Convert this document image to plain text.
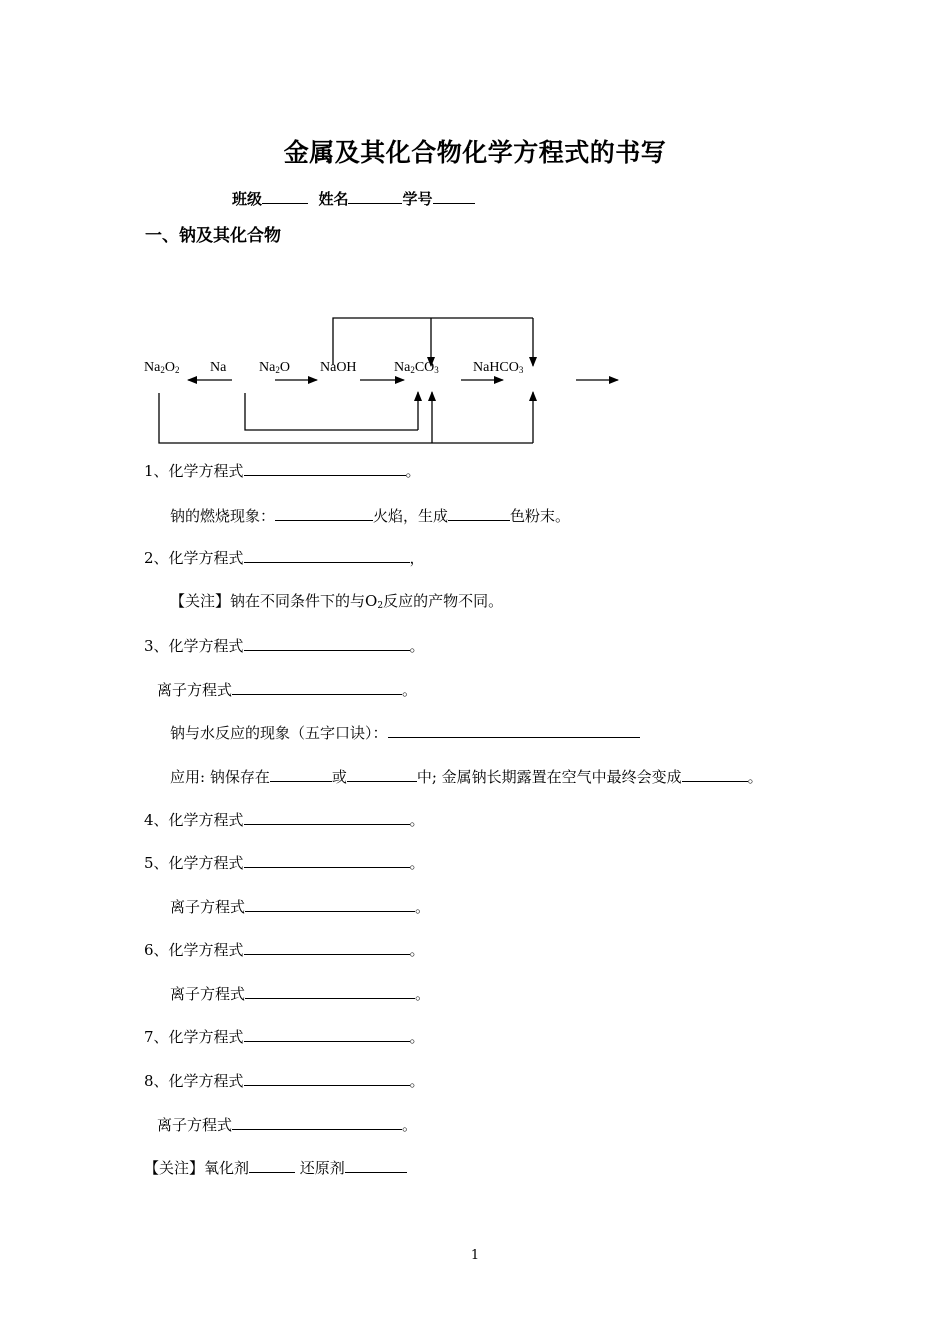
金属及其化合物化学方程式的书写
班级	姓名	学号
一、钠及其化合物
$Na_2O_2$ Na $Na_2O$ NaOH	$Na_2CO_3$ NaHCO$_3$
1、化学方程式	。
钠的燃烧现象：	火焰，生成	色粉末。
2、化学方程式	，
【关注】钠在不同条件下的与$O_2$反应的产物不同。
3、化学方程式	。
离子方程式	。
钠与水反应的现象（五字口诀）：
应用: 钠保存在	或	中; 金属钠长期露置在空气中最终会变成	。
4、化学方程式	。
5、化学方程式	。
离子方程式	。
6、化学方程式	。
离子方程式	。
7、化学方程式	。
8、化学方程式	。
离子方程式	。
【关注】氧化剂	还原剂
1
